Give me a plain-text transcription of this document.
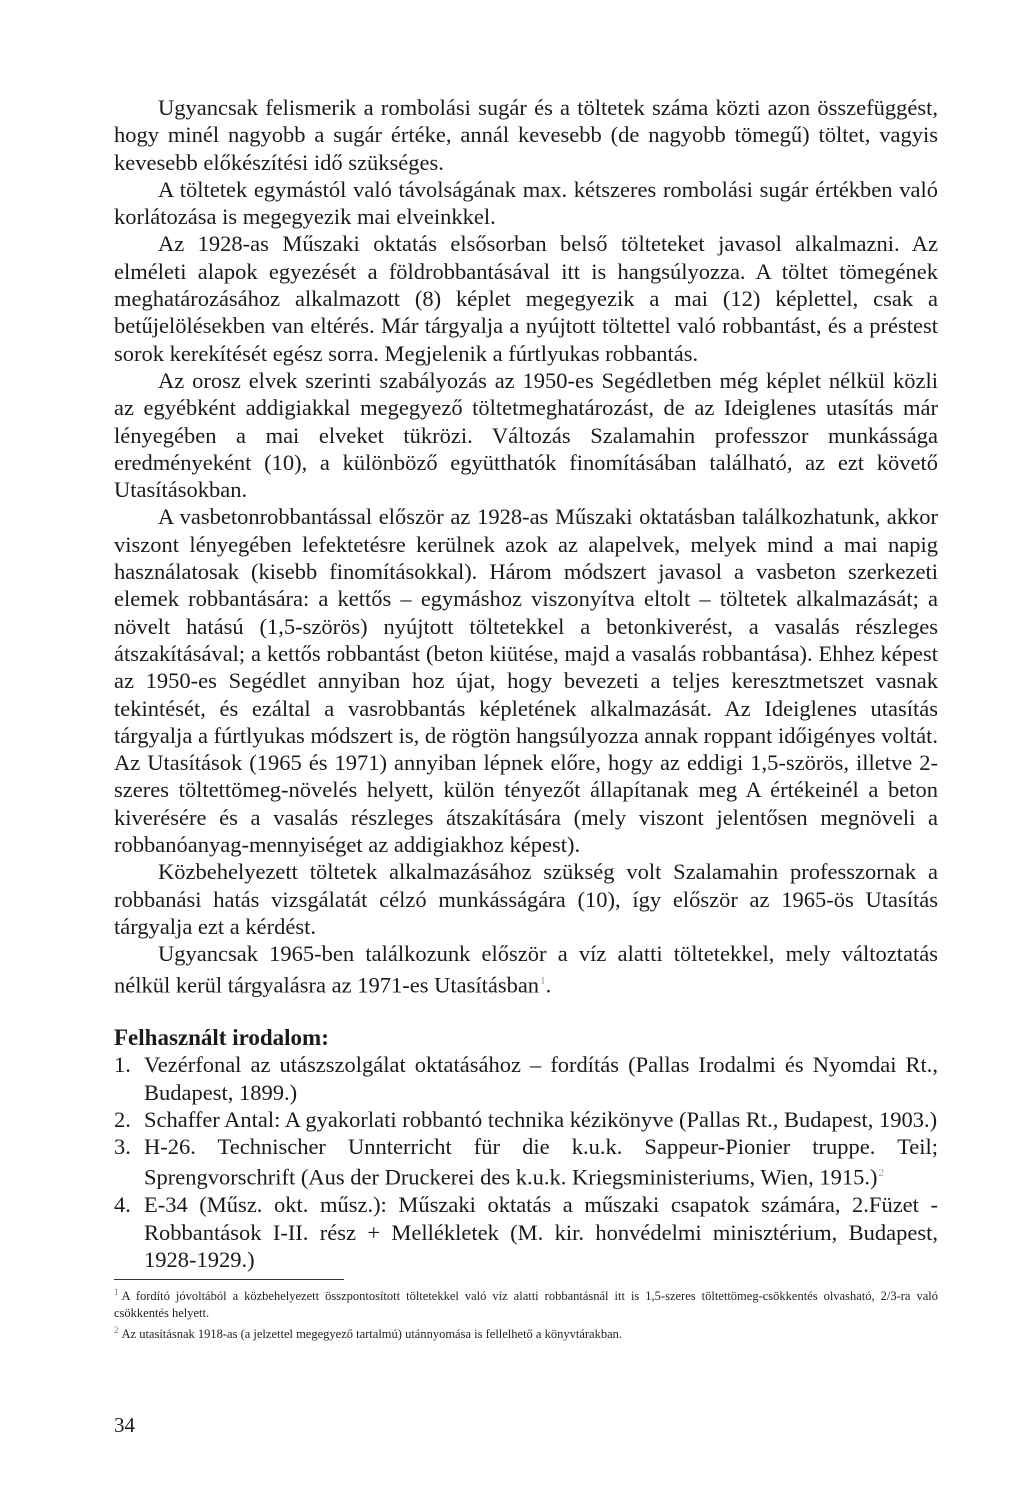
Ugyancsak felismerik a rombolási sugár és a töltetek száma közti azon összefüggést, hogy minél nagyobb a sugár értéke, annál kevesebb (de nagyobb tömegű) töltet, vagyis kevesebb előkészítési idő szükséges.

A töltetek egymástól való távolságának max. kétszeres rombolási sugár értékben való korlátozása is megegyezik mai elveinkkel.

Az 1928-as Műszaki oktatás elsősorban belső tölteteket javasol alkalmazni. Az elméleti alapok egyezését a földrobbantásával itt is hangsúlyozza. A töltet tömegének meghatározásához alkalmazott (8) képlet megegyezik a mai (12) képlettel, csak a betűjelölésekben van eltérés. Már tárgyalja a nyújtott töltettel való robbantást, és a préstest sorok kerekítését egész sorra. Megjelenik a fúrtlyukas robbantás.

Az orosz elvek szerinti szabályozás az 1950-es Segédletben még képlet nélkül közli az egyébként addigiakkal megegyező töltetmeghatározást, de az Ideiglenes utasítás már lényegében a mai elveket tükrözi. Változás Szalamahin professzor munkássága eredményeként (10), a különböző együtthatók finomításában található, az ezt követő Utasításokban.

A vasbetonrobbantással először az 1928-as Műszaki oktatásban találkozhatunk, akkor viszont lényegében lefektetésre kerülnek azok az alapelvek, melyek mind a mai napig használatosak (kisebb finomításokkal). Három módszert javasol a vasbeton szerkezeti elemek robbantására: a kettős – egymáshoz viszonyítva eltolt – töltetek alkalmazását; a növelt hatású (1,5-szörös) nyújtott töltetekkel a betonkiverést, a vasalás részleges átszakításával; a kettős robbantást (beton kiütése, majd a vasalás robbantása). Ehhez képest az 1950-es Segédlet annyiban hoz újat, hogy bevezeti a teljes keresztmetszet vasnak tekintését, és ezáltal a vasrobbantás képletének alkalmazását. Az Ideiglenes utasítás tárgyalja a fúrtlyukas módszert is, de rögtön hangsúlyozza annak roppant időigényes voltát. Az Utasítások (1965 és 1971) annyiban lépnek előre, hogy az eddigi 1,5-szörös, illetve 2-szeres töltettömeg-növelés helyett, külön tényezőt állapítanak meg A értékeinél a beton kiverésére és a vasalás részleges átszakítására (mely viszont jelentősen megnöveli a robbanóanyag-mennyiséget az addigiakhoz képest).

Közbehelyezett töltetek alkalmazásához szükség volt Szalamahin professzornak a robbanási hatás vizsgálatát célzó munkásságára (10), így először az 1965-ös Utasítás tárgyalja ezt a kérdést.

Ugyancsak 1965-ben találkozunk először a víz alatti töltetekkel, mely változtatás nélkül kerül tárgyalásra az 1971-es Utasításban$^1$.

Felhasznált irodalom:
1. Vezérfonal az utászszolgálat oktatásához – fordítás (Pallas Irodalmi és Nyomdai Rt., Budapest, 1899.)
2. Schaffer Antal: A gyakorlati robbantó technika kézikönyve (Pallas Rt., Budapest, 1903.)
3. H-26. Technischer Unnterricht für die k.u.k. Sappeur-Pionier truppe. Teil; Sprengvorschrift (Aus der Druckerei des k.u.k. Kriegsministeriums, Wien, 1915.)$^2$
4. E-34 (Műsz. okt. műsz.): Műszaki oktatás a műszaki csapatok számára, 2.Füzet - Robbantások I-II. rész + Mellékletek (M. kir. honvédelmi minisztérium, Budapest, 1928-1929.)
$^1$ A fordító jóvoltából a közbehelyezett összpontosított töltetekkel való víz alatti robbantásnál itt is 1,5-szeres töltettömeg-csökkentés olvasható, 2/3-ra való csökkentés helyett.
$^2$ Az utasításnak 1918-as (a jelzettel megegyező tartalmú) utánnyomása is fellelhető a könyvtárakban.
34
